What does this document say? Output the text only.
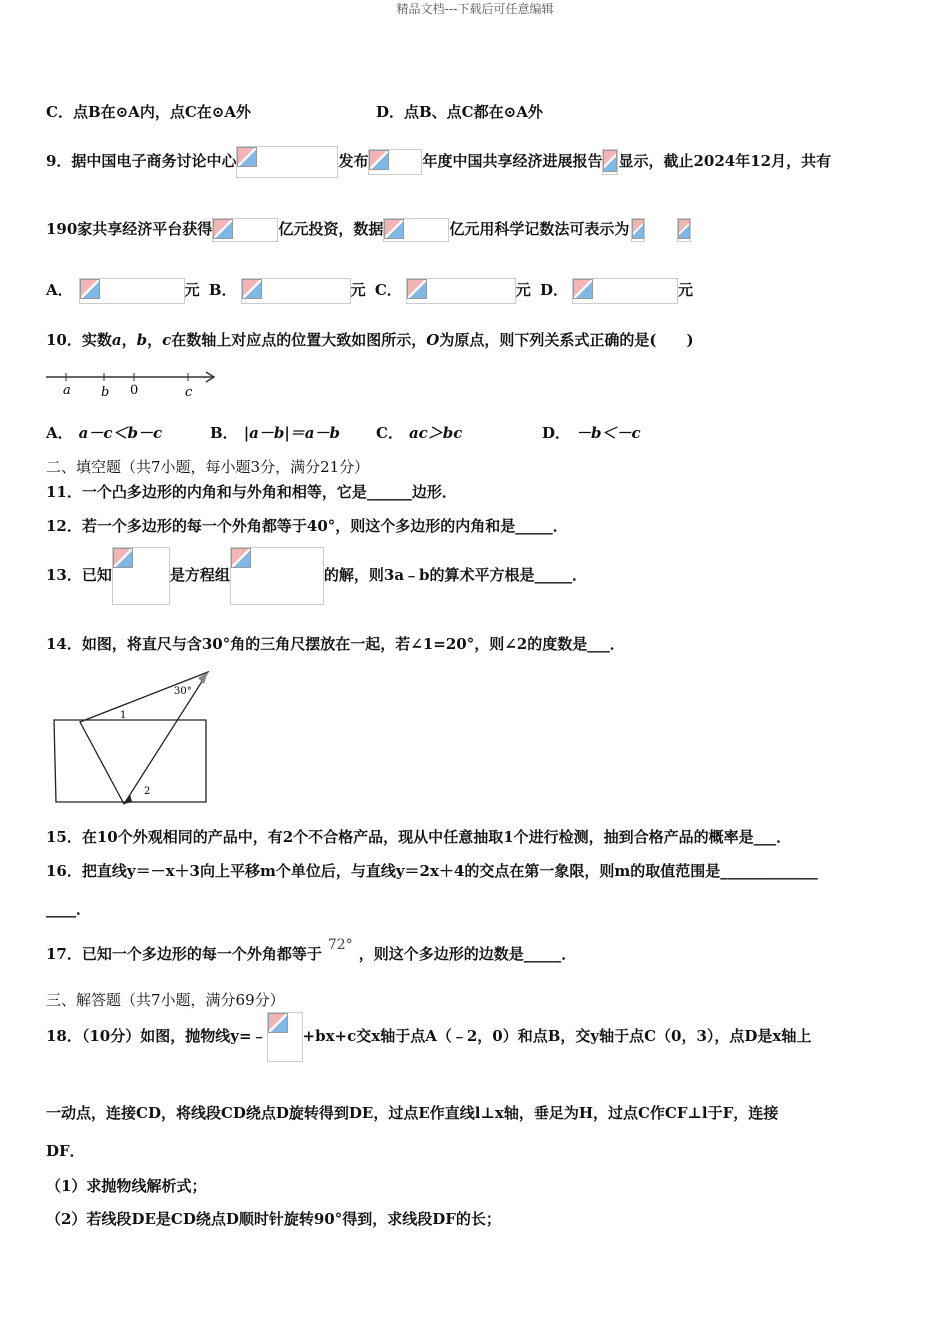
精品文档---下载后可任意编辑
C．点B在⊙A内，点C在⊙A外	D．点B、点C都在⊙A外
9．据中国电子商务讨论中心	发布	年度中国共享经济进展报告 显示，截止2024年12月，共有
190家共享经济平台获得	亿元投资，数据	亿元用科学记数法可表示为
A．	元 B．	元 C．	元 D．	元
10．实数a，b，c在数轴上对应点的位置大致如图所示，O为原点，则下列关系式正确的是(　　)
a b 0	c
A． a－c＜b－c	B． |a－b|＝a－b C． ac＞bc	D． －b＜－c
二、填空题（共7小题，每小题3分，满分21分）
11．一个凸多边形的内角和与外角和相等，它是______边形．
12．若一个多边形的每一个外角都等于40°，则这个多边形的内角和是_____．
13．已知	是方程组	的解，则3a﹣b的算术平方根是_____．
14．如图，将直尺与含30°角的三角尺摆放在一起，若∠1=20°，则∠2的度数是___．
30°
1
2
15．在10个外观相同的产品中，有2个不合格产品，现从中任意抽取1个进行检测，抽到合格产品的概率是___．
16．把直线y＝－x＋3向上平移m个单位后，与直线y＝2x＋4的交点在第一象限，则m的取值范围是_____________
____．
17．已知一个多边形的每一个外角都等于 72° ，则这个多边形的边数是_____．
三、解答题（共7小题，满分69分）
18．（10分）如图，抛物线y=﹣ +bx+c交x轴于点A（﹣2，0）和点B，交y轴于点C（0，3），点D是x轴上
一动点，连接CD，将线段CD绕点D旋转得到DE，过点E作直线l⊥x轴，垂足为H，过点C作CF⊥l于F，连接
DF．
（1）求抛物线解析式；
（2）若线段DE是CD绕点D顺时针旋转90°得到，求线段DF的长；
